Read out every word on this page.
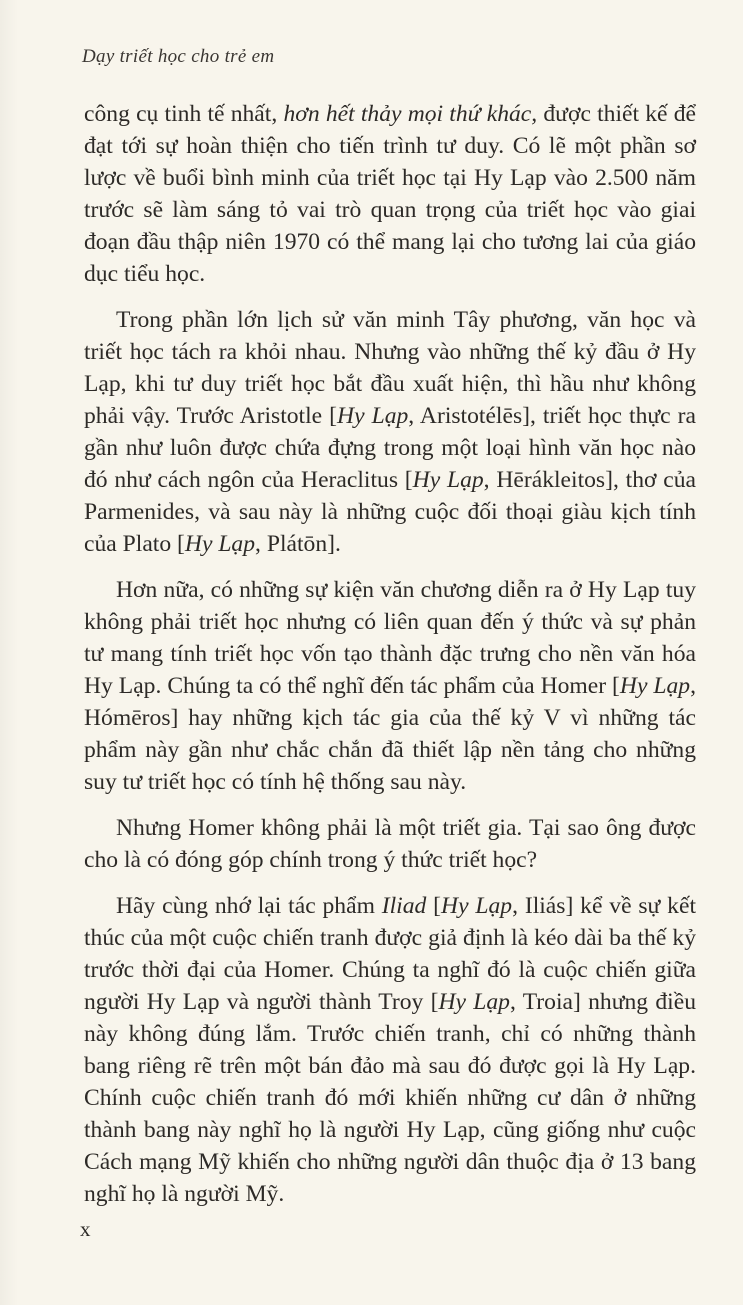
Dạy triết học cho trẻ em

công cụ tinh tế nhất, hơn hết thảy mọi thứ khác, được thiết kế để đạt tới sự hoàn thiện cho tiến trình tư duy. Có lẽ một phần sơ lược về buổi bình minh của triết học tại Hy Lạp vào 2.500 năm trước sẽ làm sáng tỏ vai trò quan trọng của triết học vào giai đoạn đầu thập niên 1970 có thể mang lại cho tương lai của giáo dục tiểu học.

Trong phần lớn lịch sử văn minh Tây phương, văn học và triết học tách ra khỏi nhau. Nhưng vào những thế kỷ đầu ở Hy Lạp, khi tư duy triết học bắt đầu xuất hiện, thì hầu như không phải vậy. Trước Aristotle [Hy Lạp, Aristotélēs], triết học thực ra gần như luôn được chứa đựng trong một loại hình văn học nào đó như cách ngôn của Heraclitus [Hy Lạp, Hērákleitos], thơ của Parmenides, và sau này là những cuộc đối thoại giàu kịch tính của Plato [Hy Lạp, Plátōn].

Hơn nữa, có những sự kiện văn chương diễn ra ở Hy Lạp tuy không phải triết học nhưng có liên quan đến ý thức và sự phản tư mang tính triết học vốn tạo thành đặc trưng cho nền văn hóa Hy Lạp. Chúng ta có thể nghĩ đến tác phẩm của Homer [Hy Lạp, Hómēros] hay những kịch tác gia của thế kỷ V vì những tác phẩm này gần như chắc chắn đã thiết lập nền tảng cho những suy tư triết học có tính hệ thống sau này.

Nhưng Homer không phải là một triết gia. Tại sao ông được cho là có đóng góp chính trong ý thức triết học?

Hãy cùng nhớ lại tác phẩm Iliad [Hy Lạp, Iliás] kể về sự kết thúc của một cuộc chiến tranh được giả định là kéo dài ba thế kỷ trước thời đại của Homer. Chúng ta nghĩ đó là cuộc chiến giữa người Hy Lạp và người thành Troy [Hy Lạp, Troia] nhưng điều này không đúng lắm. Trước chiến tranh, chỉ có những thành bang riêng rẽ trên một bán đảo mà sau đó được gọi là Hy Lạp. Chính cuộc chiến tranh đó mới khiến những cư dân ở những thành bang này nghĩ họ là người Hy Lạp, cũng giống như cuộc Cách mạng Mỹ khiến cho những người dân thuộc địa ở 13 bang nghĩ họ là người Mỹ.

x
